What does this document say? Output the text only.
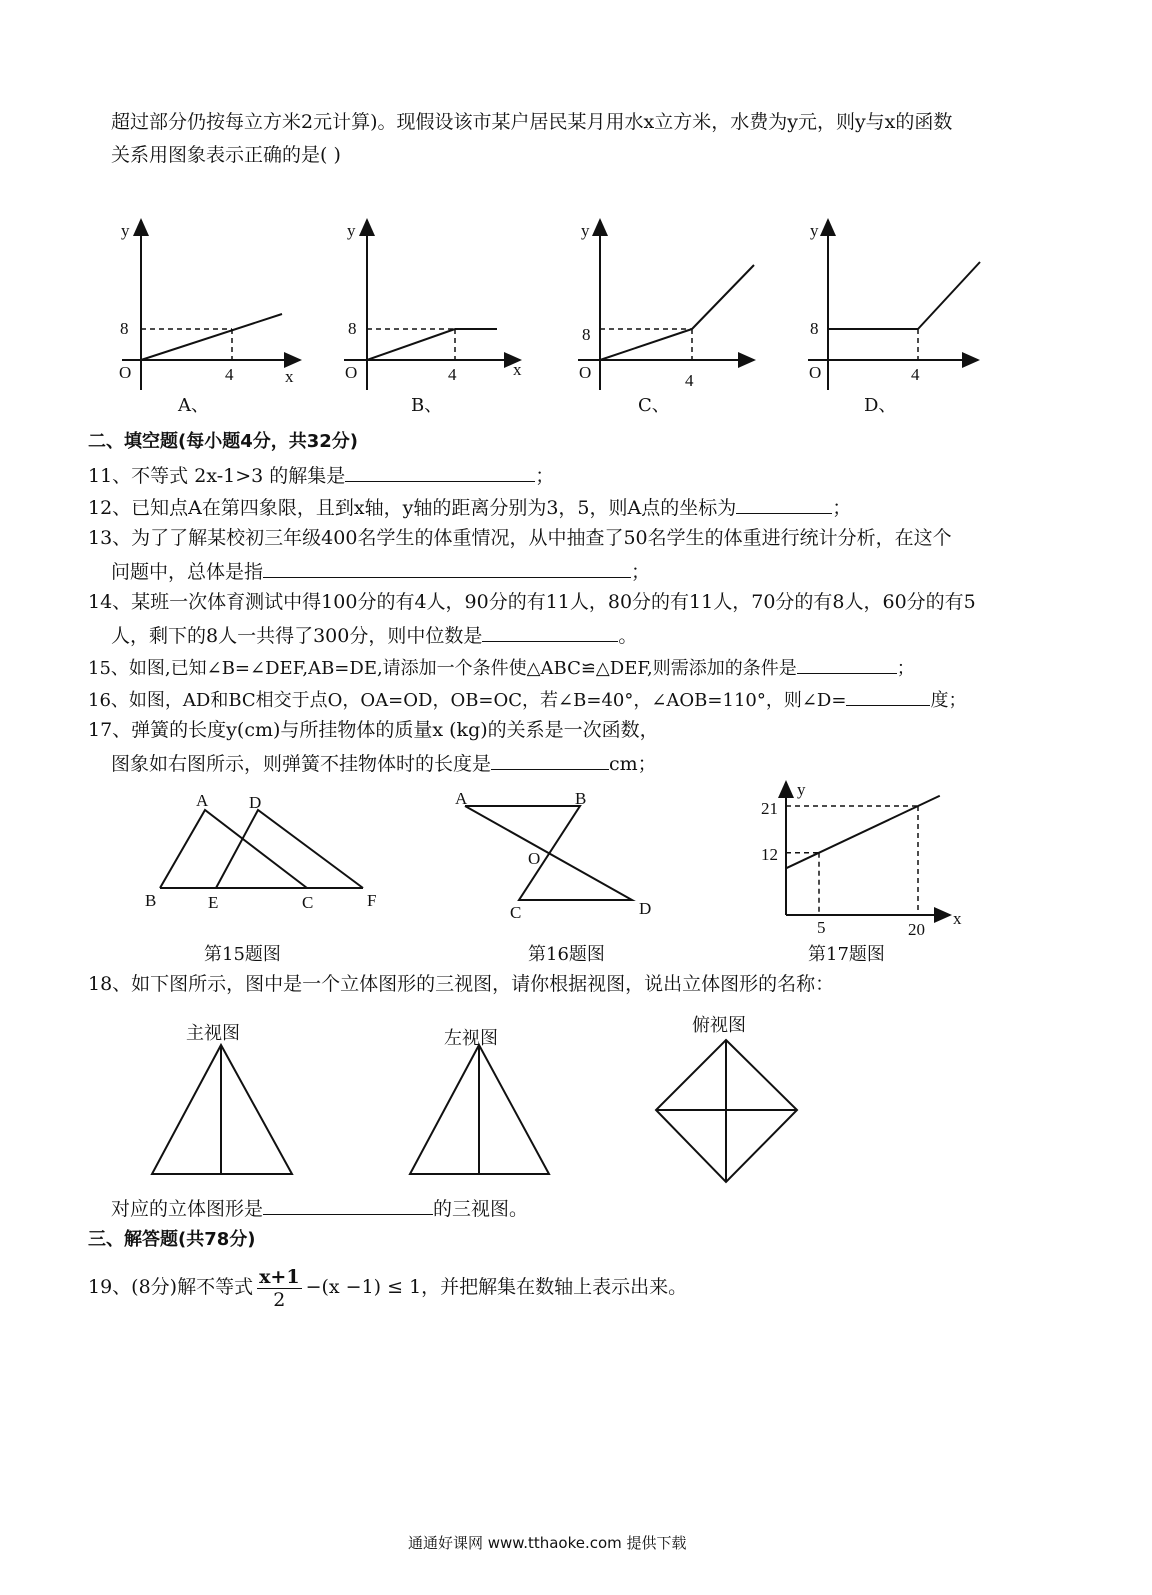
超过部分仍按每立方米2元计算)。现假设该市某户居民某月用水x立方米，水费为y元，则y与x的函数
关系用图象表示正确的是( )
y
8
O	4	x
y
8
O	4	x
y
8
O	4
y
8
O	4
A、	B、	C、	D、
二、填空题(每小题4分，共32分)
11、不等式 2x-1>3 的解集是	；
12、已知点A在第四象限，且到x轴，y轴的距离分别为3，5，则A点的坐标为	；
13、为了了解某校初三年级400名学生的体重情况，从中抽查了50名学生的体重进行统计分析，在这个
问题中，总体是指	；
14、某班一次体育测试中得100分的有4人，90分的有11人，80分的有11人，70分的有8人，60分的有5
人，剩下的8人一共得了300分，则中位数是	。
15、如图,已知∠B=∠DEF,AB=DE,请添加一个条件使△ABC≌△DEF,则需添加的条件是	；
16、如图，AD和BC相交于点O，OA=OD，OB=OC，若∠B=40°，∠AOB=110°，则∠D=	度；
17、弹簧的长度y(cm)与所挂物体的质量x (kg)的关系是一次函数，
图象如右图所示，则弹簧不挂物体时的长度是	cm；
A D
B	E	C	F
A	B
O
C	D
y
x
21
12
5	20
第15题图	第16题图	第17题图
18、如下图所示，图中是一个立体图形的三视图，请你根据视图，说出立体图形的名称：
主视图	左视图
俯视图
对应的立体图形是	的三视图。
三、解答题(共78分)
19、(8分)解不等式 $\frac{x+1}{2} -(x -1) \le 1$，并把解集在数轴上表示出来。
通通好课网 www.tthaoke.com 提供下载
